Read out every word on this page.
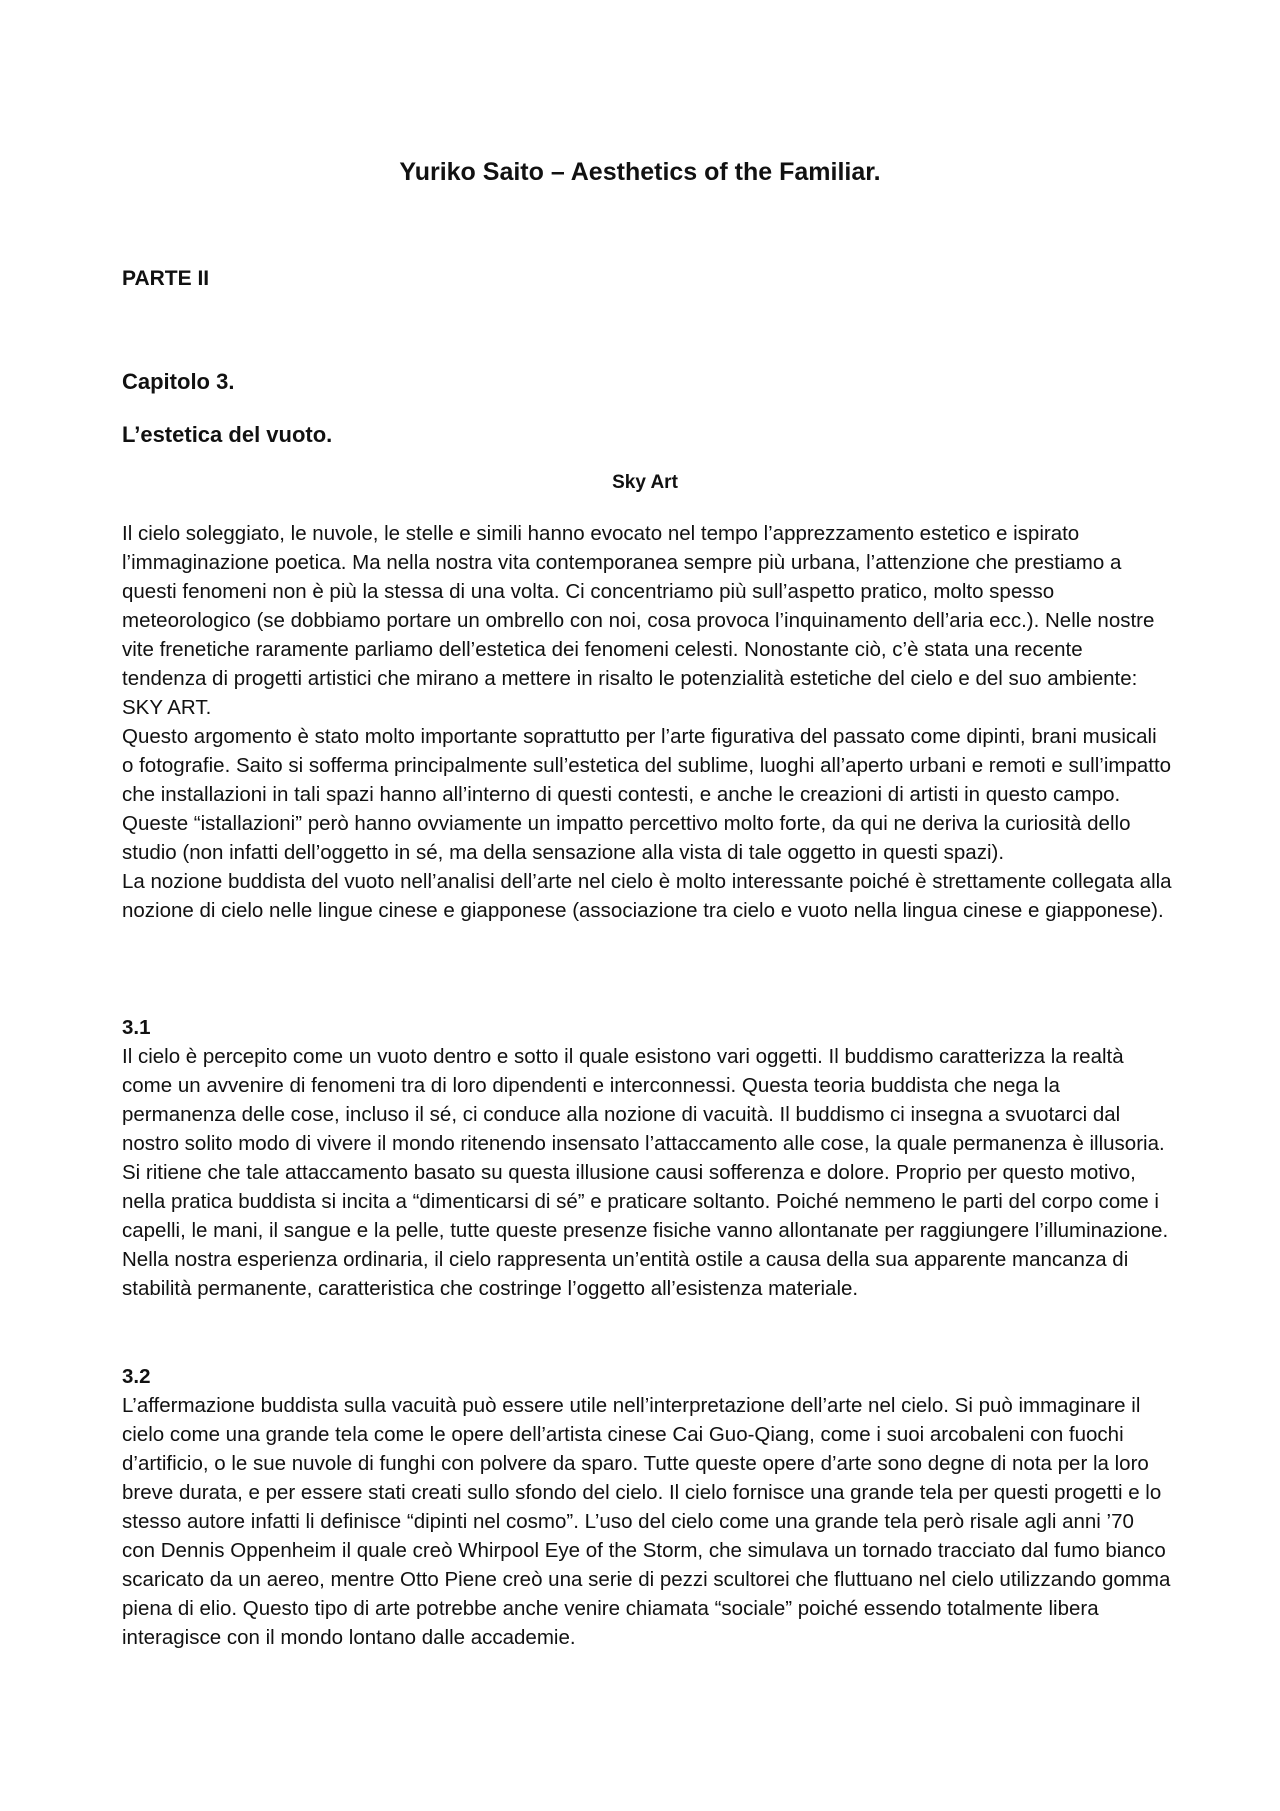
Yuriko Saito – Aesthetics of the Familiar.
PARTE II
Capitolo 3.
L’estetica del vuoto.
Sky Art

Il cielo soleggiato, le nuvole, le stelle e simili hanno evocato nel tempo l’apprezzamento estetico e ispirato l’immaginazione poetica. Ma nella nostra vita contemporanea sempre più urbana, l’attenzione che prestiamo a questi fenomeni non è più la stessa di una volta. Ci concentriamo più sull’aspetto pratico, molto spesso meteorologico (se dobbiamo portare un ombrello con noi, cosa provoca l’inquinamento dell’aria ecc.). Nelle nostre vite frenetiche raramente parliamo dell’estetica dei fenomeni celesti. Nonostante ciò, c’è stata una recente tendenza di progetti artistici che mirano a mettere in risalto le potenzialità estetiche del cielo e del suo ambiente: SKY ART.

Questo argomento è stato molto importante soprattutto per l’arte figurativa del passato come dipinti, brani musicali o fotografie. Saito si sofferma principalmente sull’estetica del sublime, luoghi all’aperto urbani e remoti e sull’impatto che installazioni in tali spazi hanno all’interno di questi contesti, e anche le creazioni di artisti in questo campo. Queste “istallazioni” però hanno ovviamente un impatto percettivo molto forte, da qui ne deriva la curiosità dello studio (non infatti dell’oggetto in sé, ma della sensazione alla vista di tale oggetto in questi spazi).

La nozione buddista del vuoto nell’analisi dell’arte nel cielo è molto interessante poiché è strettamente collegata alla nozione di cielo nelle lingue cinese e giapponese (associazione tra cielo e vuoto nella lingua cinese e giapponese).

3.1

Il cielo è percepito come un vuoto dentro e sotto il quale esistono vari oggetti. Il buddismo caratterizza la realtà come un avvenire di fenomeni tra di loro dipendenti e interconnessi. Questa teoria buddista che nega la permanenza delle cose, incluso il sé, ci conduce alla nozione di vacuità. Il buddismo ci insegna a svuotarci dal nostro solito modo di vivere il mondo ritenendo insensato l’attaccamento alle cose, la quale permanenza è illusoria. Si ritiene che tale attaccamento basato su questa illusione causi sofferenza e dolore. Proprio per questo motivo, nella pratica buddista si incita a “dimenticarsi di sé” e praticare soltanto. Poiché nemmeno le parti del corpo come i capelli, le mani, il sangue e la pelle, tutte queste presenze fisiche vanno allontanate per raggiungere l’illuminazione.

Nella nostra esperienza ordinaria, il cielo rappresenta un’entità ostile a causa della sua apparente mancanza di stabilità permanente, caratteristica che costringe l’oggetto all’esistenza materiale.

3.2

L’affermazione buddista sulla vacuità può essere utile nell’interpretazione dell’arte nel cielo. Si può immaginare il cielo come una grande tela come le opere dell’artista cinese Cai Guo-Qiang, come i suoi arcobaleni con fuochi d’artificio, o le sue nuvole di funghi con polvere da sparo. Tutte queste opere d’arte sono degne di nota per la loro breve durata, e per essere stati creati sullo sfondo del cielo. Il cielo fornisce una grande tela per questi progetti e lo stesso autore infatti li definisce “dipinti nel cosmo”. L’uso del cielo come una grande tela però risale agli anni ’70 con Dennis Oppenheim il quale creò Whirpool Eye of the Storm, che simulava un tornado tracciato dal fumo bianco scaricato da un aereo, mentre Otto Piene creò una serie di pezzi scultorei che fluttuano nel cielo utilizzando gomma piena di elio. Questo tipo di arte potrebbe anche venire chiamata “sociale” poiché essendo totalmente libera interagisce con il mondo lontano dalle accademie.
